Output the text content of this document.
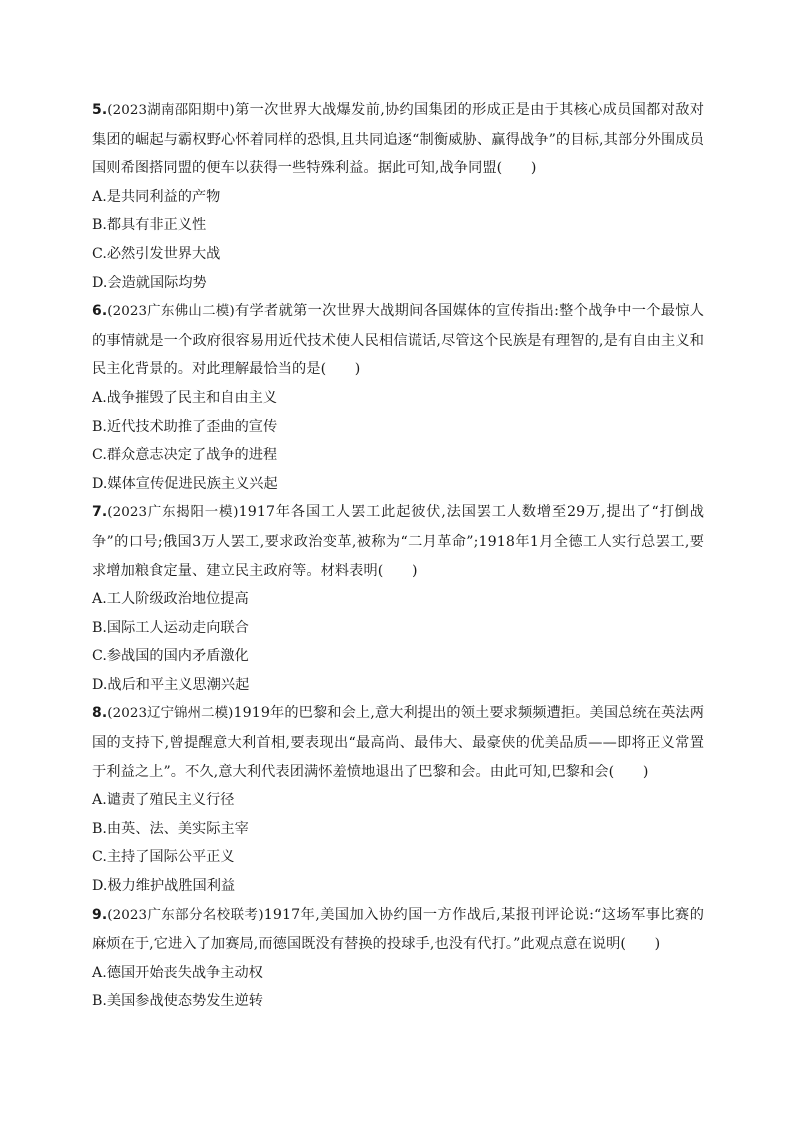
5.(2023湖南邵阳期中)第一次世界大战爆发前,协约国集团的形成正是由于其核心成员国都对敌对集团的崛起与霸权野心怀着同样的恐惧,且共同追逐“制衡威胁、赢得战争”的目标,其部分外围成员国则希图搭同盟的便车以获得一些特殊利益。据此可知,战争同盟(　　)

A.是共同利益的产物

B.都具有非正义性

C.必然引发世界大战

D.会造就国际均势

6.(2023广东佛山二模)有学者就第一次世界大战期间各国媒体的宣传指出:整个战争中一个最惊人的事情就是一个政府很容易用近代技术使人民相信谎话,尽管这个民族是有理智的,是有自由主义和民主化背景的。对此理解最恰当的是(　　)

A.战争摧毁了民主和自由主义

B.近代技术助推了歪曲的宣传

C.群众意志决定了战争的进程

D.媒体宣传促进民族主义兴起

7.(2023广东揭阳一模)1917年各国工人罢工此起彼伏,法国罢工人数增至29万,提出了“打倒战争”的口号;俄国3万人罢工,要求政治变革,被称为“二月革命”;1918年1月全德工人实行总罢工,要求增加粮食定量、建立民主政府等。材料表明(　　)

A.工人阶级政治地位提高

B.国际工人运动走向联合

C.参战国的国内矛盾激化

D.战后和平主义思潮兴起

8.(2023辽宁锦州二模)1919年的巴黎和会上,意大利提出的领土要求频频遭拒。美国总统在英法两国的支持下,曾提醒意大利首相,要表现出“最高尚、最伟大、最豪侠的优美品质——即将正义常置于利益之上”。不久,意大利代表团满怀羞愤地退出了巴黎和会。由此可知,巴黎和会(　　)

A.谴责了殖民主义行径

B.由英、法、美实际主宰

C.主持了国际公平正义

D.极力维护战胜国利益

9.(2023广东部分名校联考)1917年,美国加入协约国一方作战后,某报刊评论说:“这场军事比赛的麻烦在于,它进入了加赛局,而德国既没有替换的投球手,也没有代打。”此观点意在说明(　　)

A.德国开始丧失战争主动权

B.美国参战使态势发生逆转
